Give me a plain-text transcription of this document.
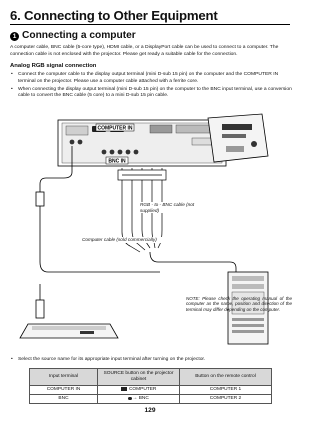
6. Connecting to Other Equipment
1 Connecting a computer

A computer cable, BNC cable (5-core type), HDMI cable, or a DisplayPort cable can be used to connect to a computer. The connection cable is not enclosed with the projector. Please get ready a suitable cable for the connection.

Analog RGB signal connection
• Connect the computer cable to the display output terminal (mini D-sub 15 pin) on the computer and the COMPUTER IN terminal on the projector. Please use a computer cable attached with a ferrite core.
• When connecting the display output terminal (mini D-sub 15 pin) on the computer to the BNC input terminal, use a conversion cable to convert the BNC cable (5 core) to a mini D-sub 15 pin cable.
COMPUTER IN
BNC IN
RGB - to - BNC cable (not supplied)
Computer cable (sold commercially)

NOTE: Please check the operating manual of the computer as the name, position and direction of the terminal may differ depending on the computer.

• Select the source name for its appropriate input terminal after turning on the projector.

Input terminal	SOURCE button on the projector cabinet	Button on the remote control
COMPUTER IN	COMPUTER	COMPUTER 1
BNC	→ BNC	COMPUTER 2
129
